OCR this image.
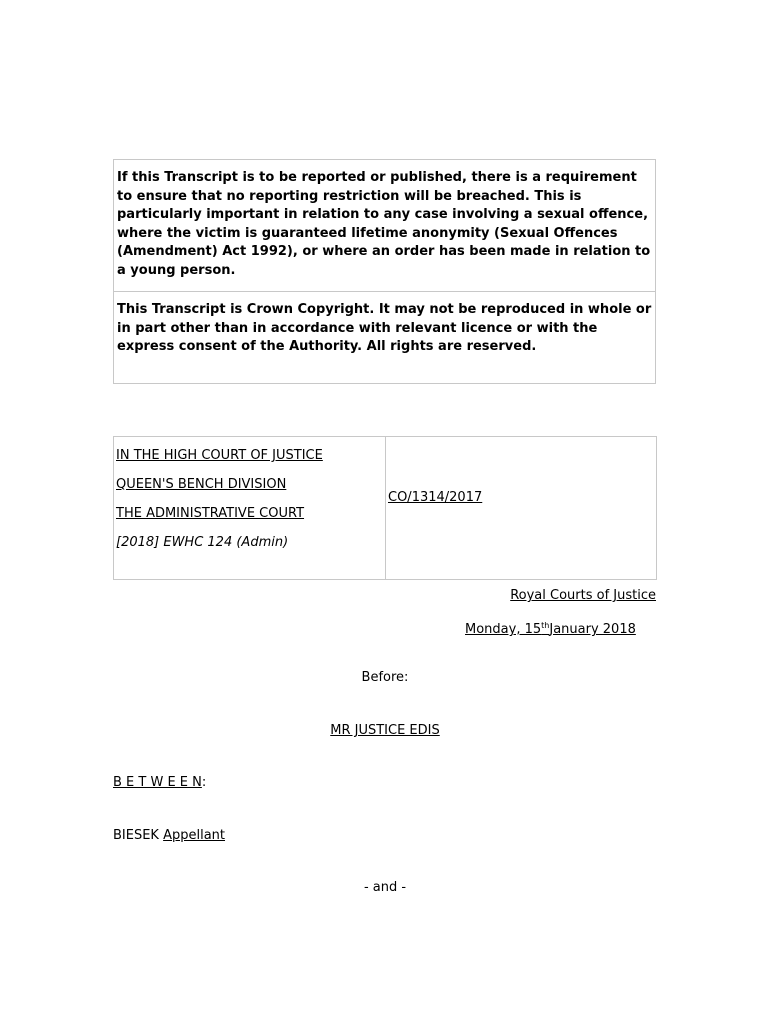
If this Transcript is to be reported or published, there is a requirement to ensure that no reporting restriction will be breached. This is particularly important in relation to any case involving a sexual offence, where the victim is guaranteed lifetime anonymity (Sexual Offences (Amendment) Act 1992), or where an order has been made in relation to a young person.
This Transcript is Crown Copyright. It may not be reproduced in whole or in part other than in accordance with relevant licence or with the express consent of the Authority. All rights are reserved.
IN THE HIGH COURT OF JUSTICE
QUEEN'S BENCH DIVISION
THE ADMINISTRATIVE COURT
[2018] EWHC 124 (Admin)
CO/1314/2017
Royal Courts of Justice
Monday, 15thJanuary 2018
Before:
MR JUSTICE EDIS
B E T W E E N:
BIESEK Appellant
- and -
